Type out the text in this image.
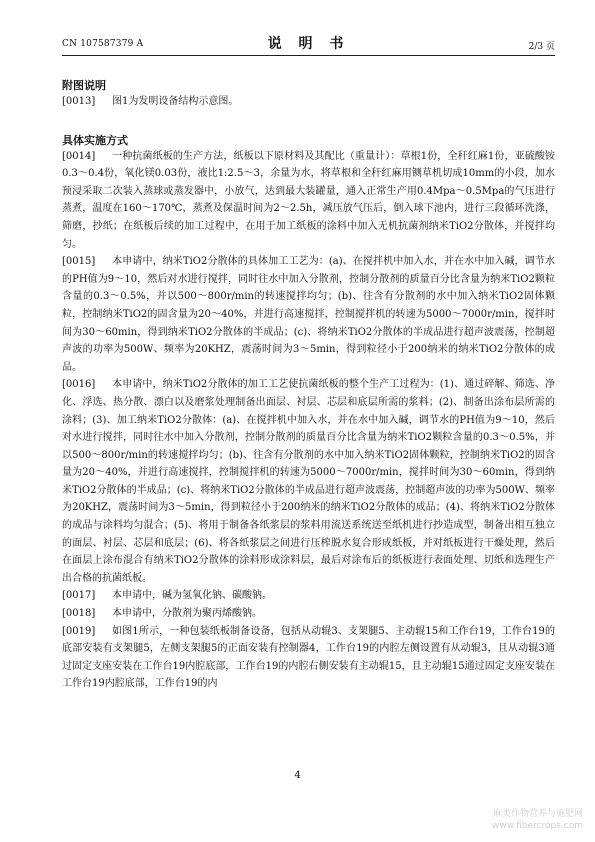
CN 107587379 A	说 明 书	2/3 页

附图说明

[0013] 图1为发明设备结构示意图。

具体实施方式

[0014] 一种抗菌纸板的生产方法，纸板以下原材料及其配比（重量计）：草根1份，全秆红麻1份，亚硫酸铵0.3～0.4份，氧化镁0.03份，液比1:2.5～3，余量为水，将草根和全秆红麻用铡草机切成10mm的小段，加水预浸采取二次装入蒸球或蒸发器中，小放气，达到最大装罐量，通入正常生产用0.4Mpa～0.5Mpa的气压进行蒸煮，温度在160～170℃，蒸煮及保温时间为2～2.5h，减压放气压后，倒入球下池内，进行三段循环洗涤，筛磨，抄纸；在纸板后续的加工过程中，在用于加工纸板的涂料中加入无机抗菌剂纳米TiO2分散体，并搅拌均匀。

[0015] 本申请中，纳米TiO2分散体的具体加工工艺为：(a)、在搅拌机中加入水，并在水中加入碱，调节水的PH值为9～10，然后对水进行搅拌，同时往水中加入分散剂，控制分散剂的质量百分比含量为纳米TiO2颗粒含量的0.3～0.5%，并以500～800r/min的转速搅拌均匀；(b)、往含有分散剂的水中加入纳米TiO2固体颗粒，控制纳米TiO2的固含量为20～40%，并进行高速搅拌，控制搅拌机的转速为5000～7000r/min，搅拌时间为30～60min，得到纳米TiO2分散体的半成品；(c)、将纳米TiO2分散体的半成品进行超声波震荡，控制超声波的功率为500W、频率为20KHZ，震荡时间为3～5min，得到粒径小于200纳米的纳米TiO2分散体的成品。

[0016] 本申请中，纳米TiO2分散体的加工工艺使抗菌纸板的整个生产工过程为：(1)、通过碎解、筛选、净化、浮选、热分散、漂白以及磨浆处理制备出面层、衬层、芯层和底层所需的浆料；(2)、制备出涂布层所需的涂料；(3)、加工纳米TiO2分散体：(a)、在搅拌机中加入水，并在水中加入碱，调节水的PH值为9～10，然后对水进行搅拌，同时往水中加入分散剂，控制分散剂的质量百分比含量为纳米TiO2颗粒含量的0.3～0.5%，并以500～800r/min的转速搅拌均匀；(b)、往含有分散剂的水中加入纳米TiO2固体颗粒，控制纳米TiO2的固含量为20～40%，并进行高速搅拌，控制搅拌机的转速为5000～7000r/min，搅拌时间为30～60min，得到纳米TiO2分散体的半成品；(c)、将纳米TiO2分散体的半成品进行超声波震荡，控制超声波的功率为500W、频率为20KHZ，震荡时间为3～5min，得到粒径小于200纳米的纳米TiO2分散体的成品；(4)、将纳米TiO2分散体的成品与涂料均匀混合；(5)、将用于制备各纸浆层的浆料用流送系统送至纸机进行抄造成型，制备出相互独立的面层、衬层、芯层和底层；(6)、将各纸浆层之间进行压榨脱水复合形成纸板，并对纸板进行干燥处理，然后在面层上涂布混合有纳米TiO2分散体的涂料形成涂料层，最后对涂布后的纸板进行表面处理、切纸和选理生产出合格的抗菌纸板。

[0017] 本申请中，碱为氢氧化钠、碳酸钠。

[0018] 本申请中，分散剂为聚丙烯酸钠。

[0019] 如图1所示，一种包装纸板制备设备，包括从动辊3、支架腿5、主动辊15和工作台19，工作台19的底部安装有支架腿5，左侧支架腿5的正面安装有控制器4，工作台19的内腔左侧设置有从动辊3，且从动辊3通过固定支座安装在工作台19内腔底部，工作台19的内腔右侧安装有主动辊15，且主动辊15通过固定支座安装在工作台19内腔底部，工作台19的内

4
麻类作物营养与施肥网
www.fibercrops.com
